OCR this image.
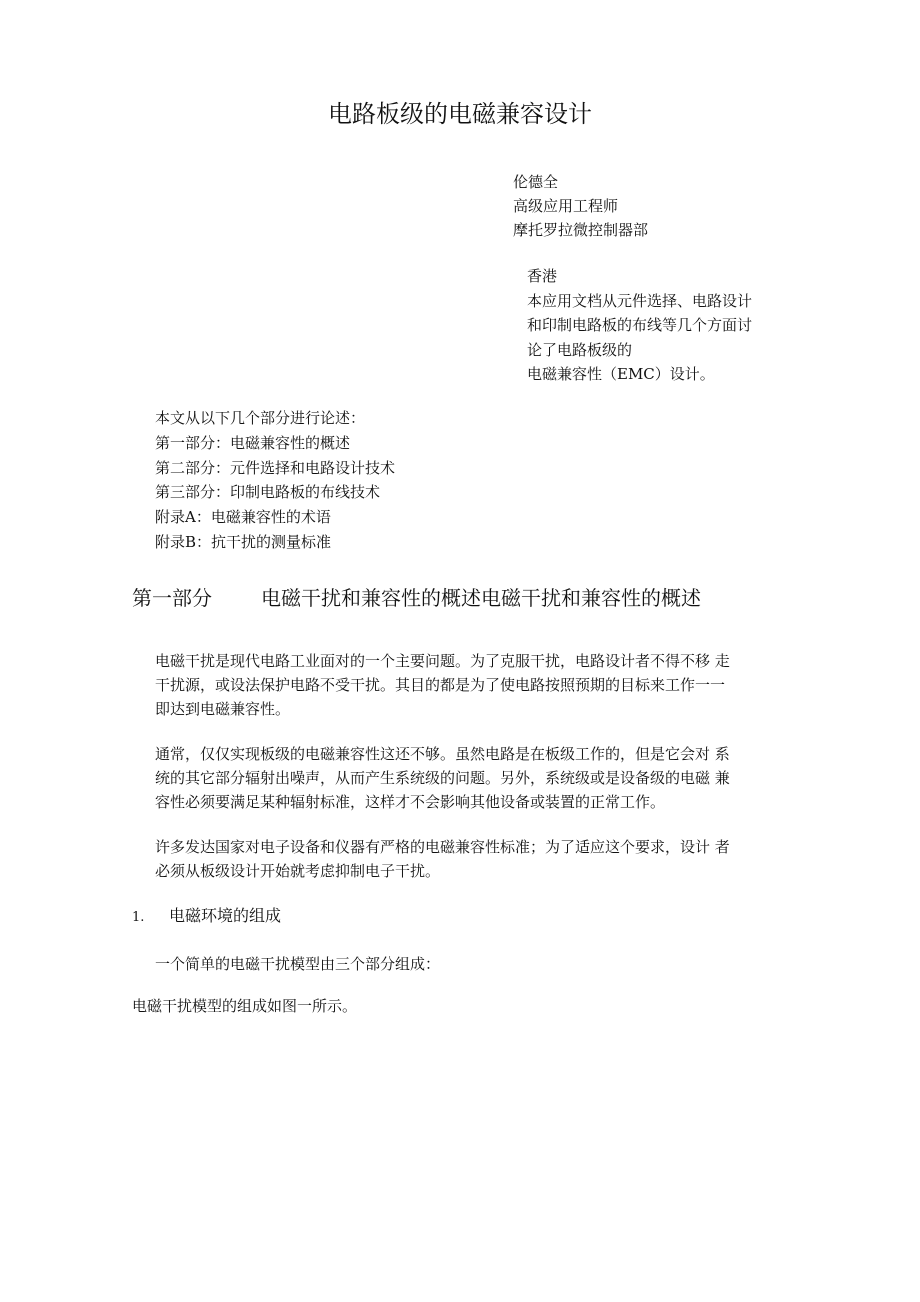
电路板级的电磁兼容设计
伦德全
高级应用工程师
摩托罗拉微控制器部
香港
本应用文档从元件选择、电路设计
和印制电路板的布线等几个方面讨
论了电路板级的
电磁兼容性（EMC）设计。
本文从以下几个部分进行论述：
第一部分：电磁兼容性的概述
第二部分：元件选择和电路设计技术
第三部分：印制电路板的布线技术
附录A：电磁兼容性的术语
附录B：抗干扰的测量标准
第一部分 电磁干扰和兼容性的概述电磁干扰和兼容性的概述
电磁干扰是现代电路工业面对的一个主要问题。为了克服干扰，电路设计者不得不移 走
干扰源，或设法保护电路不受干扰。其目的都是为了使电路按照预期的目标来工作一一
即达到电磁兼容性。
通常，仅仅实现板级的电磁兼容性这还不够。虽然电路是在板级工作的，但是它会对 系
统的其它部分辐射出噪声，从而产生系统级的问题。另外，系统级或是设备级的电磁 兼
容性必须要满足某种辐射标准，这样才不会影响其他设备或装置的正常工作。
许多发达国家对电子设备和仪器有严格的电磁兼容性标准；为了适应这个要求，设计 者
必须从板级设计开始就考虑抑制电子干扰。
1. 电磁环境的组成
一个简单的电磁干扰模型由三个部分组成：
电磁干扰模型的组成如图一所示。
